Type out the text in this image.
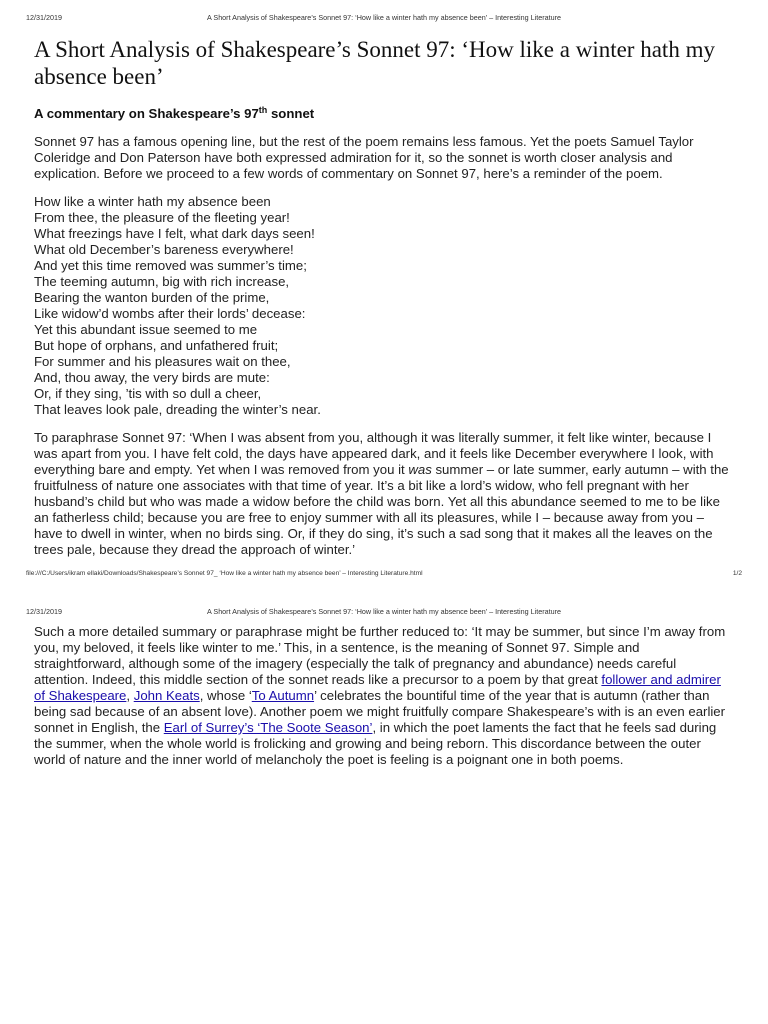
12/31/2019	A Short Analysis of Shakespeare’s Sonnet 97: ‘How like a winter hath my absence been’ – Interesting Literature
A Short Analysis of Shakespeare’s Sonnet 97: ‘How like a winter hath my absence been’
A commentary on Shakespeare’s 97th sonnet

Sonnet 97 has a famous opening line, but the rest of the poem remains less famous. Yet the poets Samuel Taylor Coleridge and Don Paterson have both expressed admiration for it, so the sonnet is worth closer analysis and explication. Before we proceed to a few words of commentary on Sonnet 97, here’s a reminder of the poem.

How like a winter hath my absence been
From thee, the pleasure of the fleeting year!
What freezings have I felt, what dark days seen!
What old December’s bareness everywhere!
And yet this time removed was summer’s time;
The teeming autumn, big with rich increase,
Bearing the wanton burden of the prime,
Like widow’d wombs after their lords’ decease:
Yet this abundant issue seemed to me
But hope of orphans, and unfathered fruit;
For summer and his pleasures wait on thee,
And, thou away, the very birds are mute:
Or, if they sing, ’tis with so dull a cheer,
That leaves look pale, dreading the winter’s near.

To paraphrase Sonnet 97: ‘When I was absent from you, although it was literally summer, it felt like winter, because I was apart from you. I have felt cold, the days have appeared dark, and it feels like December everywhere I look, with everything bare and empty. Yet when I was removed from you it was summer – or late summer, early autumn – with the fruitfulness of nature one associates with that time of year. It’s a bit like a lord’s widow, who fell pregnant with her husband’s child but who was made a widow before the child was born. Yet all this abundance seemed to me to be like an fatherless child; because you are free to enjoy summer with all its pleasures, while I – because away from you – have to dwell in winter, when no birds sing. Or, if they do sing, it’s such a sad song that it makes all the leaves on the trees pale, because they dread the approach of winter.’

file:///C:/Users/ikram ellaki/Downloads/Shakespeare’s Sonnet 97_ ‘How like a winter hath my absence been’ – Interesting Literature.html	1/2
12/31/2019	A Short Analysis of Shakespeare’s Sonnet 97: ‘How like a winter hath my absence been’ – Interesting Literature

Such a more detailed summary or paraphrase might be further reduced to: ‘It may be summer, but since I’m away from you, my beloved, it feels like winter to me.’ This, in a sentence, is the meaning of Sonnet 97. Simple and straightforward, although some of the imagery (especially the talk of pregnancy and abundance) needs careful attention. Indeed, this middle section of the sonnet reads like a precursor to a poem by that great follower and admirer of Shakespeare, John Keats, whose ‘To Autumn’ celebrates the bountiful time of the year that is autumn (rather than being sad because of an absent love). Another poem we might fruitfully compare Shakespeare’s with is an even earlier sonnet in English, the Earl of Surrey’s ‘The Soote Season’, in which the poet laments the fact that he feels sad during the summer, when the whole world is frolicking and growing and being reborn. This discordance between the outer world of nature and the inner world of melancholy the poet is feeling is a poignant one in both poems.
